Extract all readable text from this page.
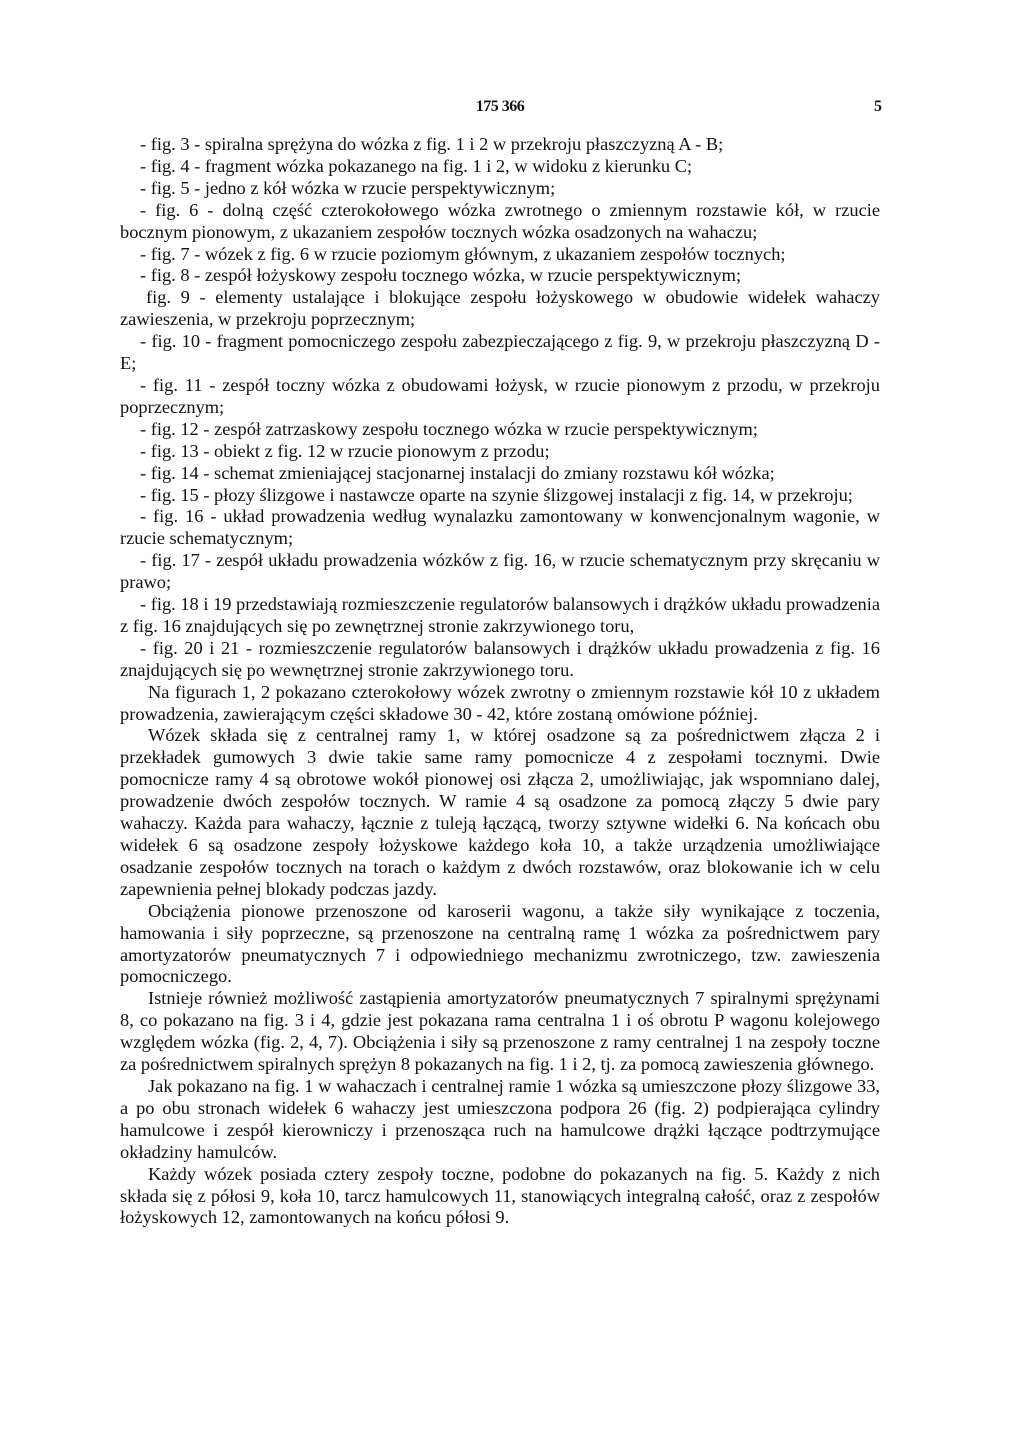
175 366	5

- fig. 3 - spiralna sprężyna do wózka z fig. 1 i 2 w przekroju płaszczyzną A - B;

- fig. 4 - fragment wózka pokazanego na fig. 1 i 2, w widoku z kierunku C;

- fig. 5 - jedno z kół wózka w rzucie perspektywicznym;

- fig. 6 - dolną część czterokołowego wózka zwrotnego o zmiennym rozstawie kół, w rzucie bocznym pionowym, z ukazaniem zespołów tocznych wózka osadzonych na wahaczu;

- fig. 7 - wózek z fig. 6 w rzucie poziomym głównym, z ukazaniem zespołów tocznych;

- fig. 8 - zespół łożyskowy zespołu tocznego wózka, w rzucie perspektywicznym;

fig. 9 - elementy ustalające i blokujące zespołu łożyskowego w obudowie widełek wahaczy zawieszenia, w przekroju poprzecznym;

- fig. 10 - fragment pomocniczego zespołu zabezpieczającego z fig. 9, w przekroju płaszczyzną D - E;

- fig. 11 - zespół toczny wózka z obudowami łożysk, w rzucie pionowym z przodu, w przekroju poprzecznym;

- fig. 12 - zespół zatrzaskowy zespołu tocznego wózka w rzucie perspektywicznym;

- fig. 13 - obiekt z fig. 12 w rzucie pionowym z przodu;

- fig. 14 - schemat zmieniającej stacjonarnej instalacji do zmiany rozstawu kół wózka;

- fig. 15 - płozy ślizgowe i nastawcze oparte na szynie ślizgowej instalacji z fig. 14, w przekroju;

- fig. 16 - układ prowadzenia według wynalazku zamontowany w konwencjonalnym wagonie, w rzucie schematycznym;

- fig. 17 - zespół układu prowadzenia wózków z fig. 16, w rzucie schematycznym przy skręcaniu w prawo;

- fig. 18 i 19 przedstawiają rozmieszczenie regulatorów balansowych i drążków układu prowadzenia z fig. 16 znajdujących się po zewnętrznej stronie zakrzywionego toru,

- fig. 20 i 21 - rozmieszczenie regulatorów balansowych i drążków układu prowadzenia z fig. 16 znajdujących się po wewnętrznej stronie zakrzywionego toru.

Na figurach 1, 2 pokazano czterokołowy wózek zwrotny o zmiennym rozstawie kół 10 z układem prowadzenia, zawierającym części składowe 30 - 42, które zostaną omówione później.

Wózek składa się z centralnej ramy 1, w której osadzone są za pośrednictwem złącza 2 i przekładek gumowych 3 dwie takie same ramy pomocnicze 4 z zespołami tocznymi. Dwie pomocnicze ramy 4 są obrotowe wokół pionowej osi złącza 2, umożliwiając, jak wspomniano dalej, prowadzenie dwóch zespołów tocznych. W ramie 4 są osadzone za pomocą złączy 5 dwie pary wahaczy. Każda para wahaczy, łącznie z tuleją łączącą, tworzy sztywne widełki 6. Na końcach obu widełek 6 są osadzone zespoły łożyskowe każdego koła 10, a także urządzenia umożliwiające osadzanie zespołów tocznych na torach o każdym z dwóch rozstawów, oraz blokowanie ich w celu zapewnienia pełnej blokady podczas jazdy.

Obciążenia pionowe przenoszone od karoserii wagonu, a także siły wynikające z toczenia, hamowania i siły poprzeczne, są przenoszone na centralną ramę 1 wózka za pośrednictwem pary amortyzatorów pneumatycznych 7 i odpowiedniego mechanizmu zwrotniczego, tzw. zawieszenia pomocniczego.

Istnieje również możliwość zastąpienia amortyzatorów pneumatycznych 7 spiralnymi sprężynami 8, co pokazano na fig. 3 i 4, gdzie jest pokazana rama centralna 1 i oś obrotu P wagonu kolejowego względem wózka (fig. 2, 4, 7). Obciążenia i siły są przenoszone z ramy centralnej 1 na zespoły toczne za pośrednictwem spiralnych sprężyn 8 pokazanych na fig. 1 i 2, tj. za pomocą zawieszenia głównego.

Jak pokazano na fig. 1 w wahaczach i centralnej ramie 1 wózka są umieszczone płozy ślizgowe 33, a po obu stronach widełek 6 wahaczy jest umieszczona podpora 26 (fig. 2) podpierająca cylindry hamulcowe i zespół kierowniczy i przenosząca ruch na hamulcowe drążki łączące podtrzymujące okładziny hamulców.

Każdy wózek posiada cztery zespoły toczne, podobne do pokazanych na fig. 5. Każdy z nich składa się z półosi 9, koła 10, tarcz hamulcowych 11, stanowiących integralną całość, oraz z zespołów łożyskowych 12, zamontowanych na końcu półosi 9.
